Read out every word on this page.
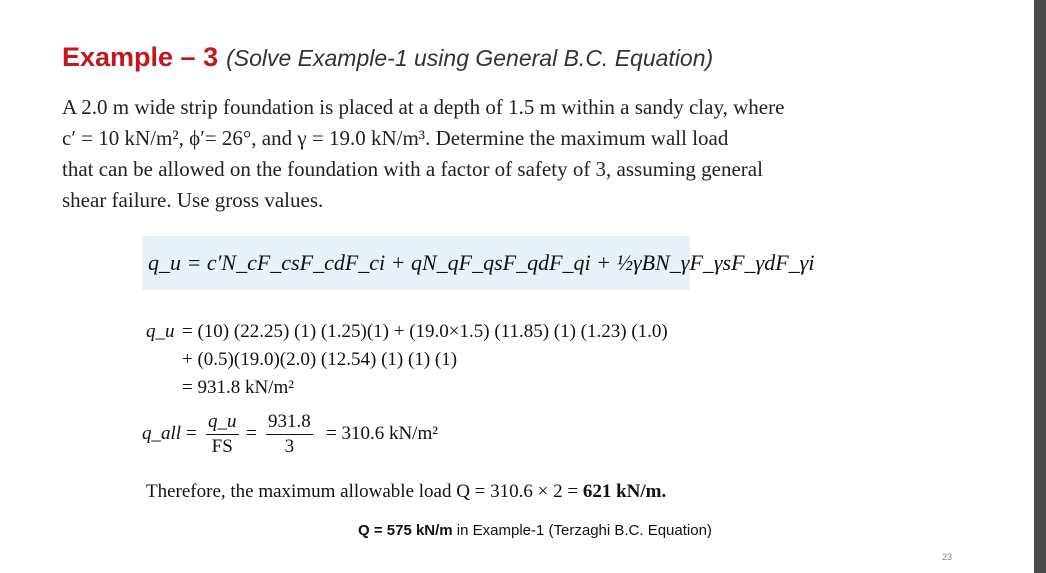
Example – 3 (Solve Example-1 using General B.C. Equation)
A 2.0 m wide strip foundation is placed at a depth of 1.5 m within a sandy clay, where
c′ = 10 kN/m², ϕ′= 26°, and γ = 19.0 kN/m³. Determine the maximum wall load
that can be allowed on the foundation with a factor of safety of 3, assuming general
shear failure. Use gross values.
q_u = c′N_cF_csF_cdF_ci + qN_qF_qsF_qdF_qi + ½γBN_γF_γsF_γdF_γi
q_u = (10) (22.25) (1) (1.25)(1) + (19.0×1.5) (11.85) (1) (1.23) (1.0)
+ (0.5)(19.0)(2.0) (12.54) (1) (1) (1)
= 931.8 kN/m²
q_all = $\frac{q\_u}{FS} = \frac{931.8}{3} = 310.6$ kN/m²
Therefore, the maximum allowable load Q = 310.6 × 2 = 621 kN/m.
Q = 575 kN/m in Example-1 (Terzaghi B.C. Equation)
23
